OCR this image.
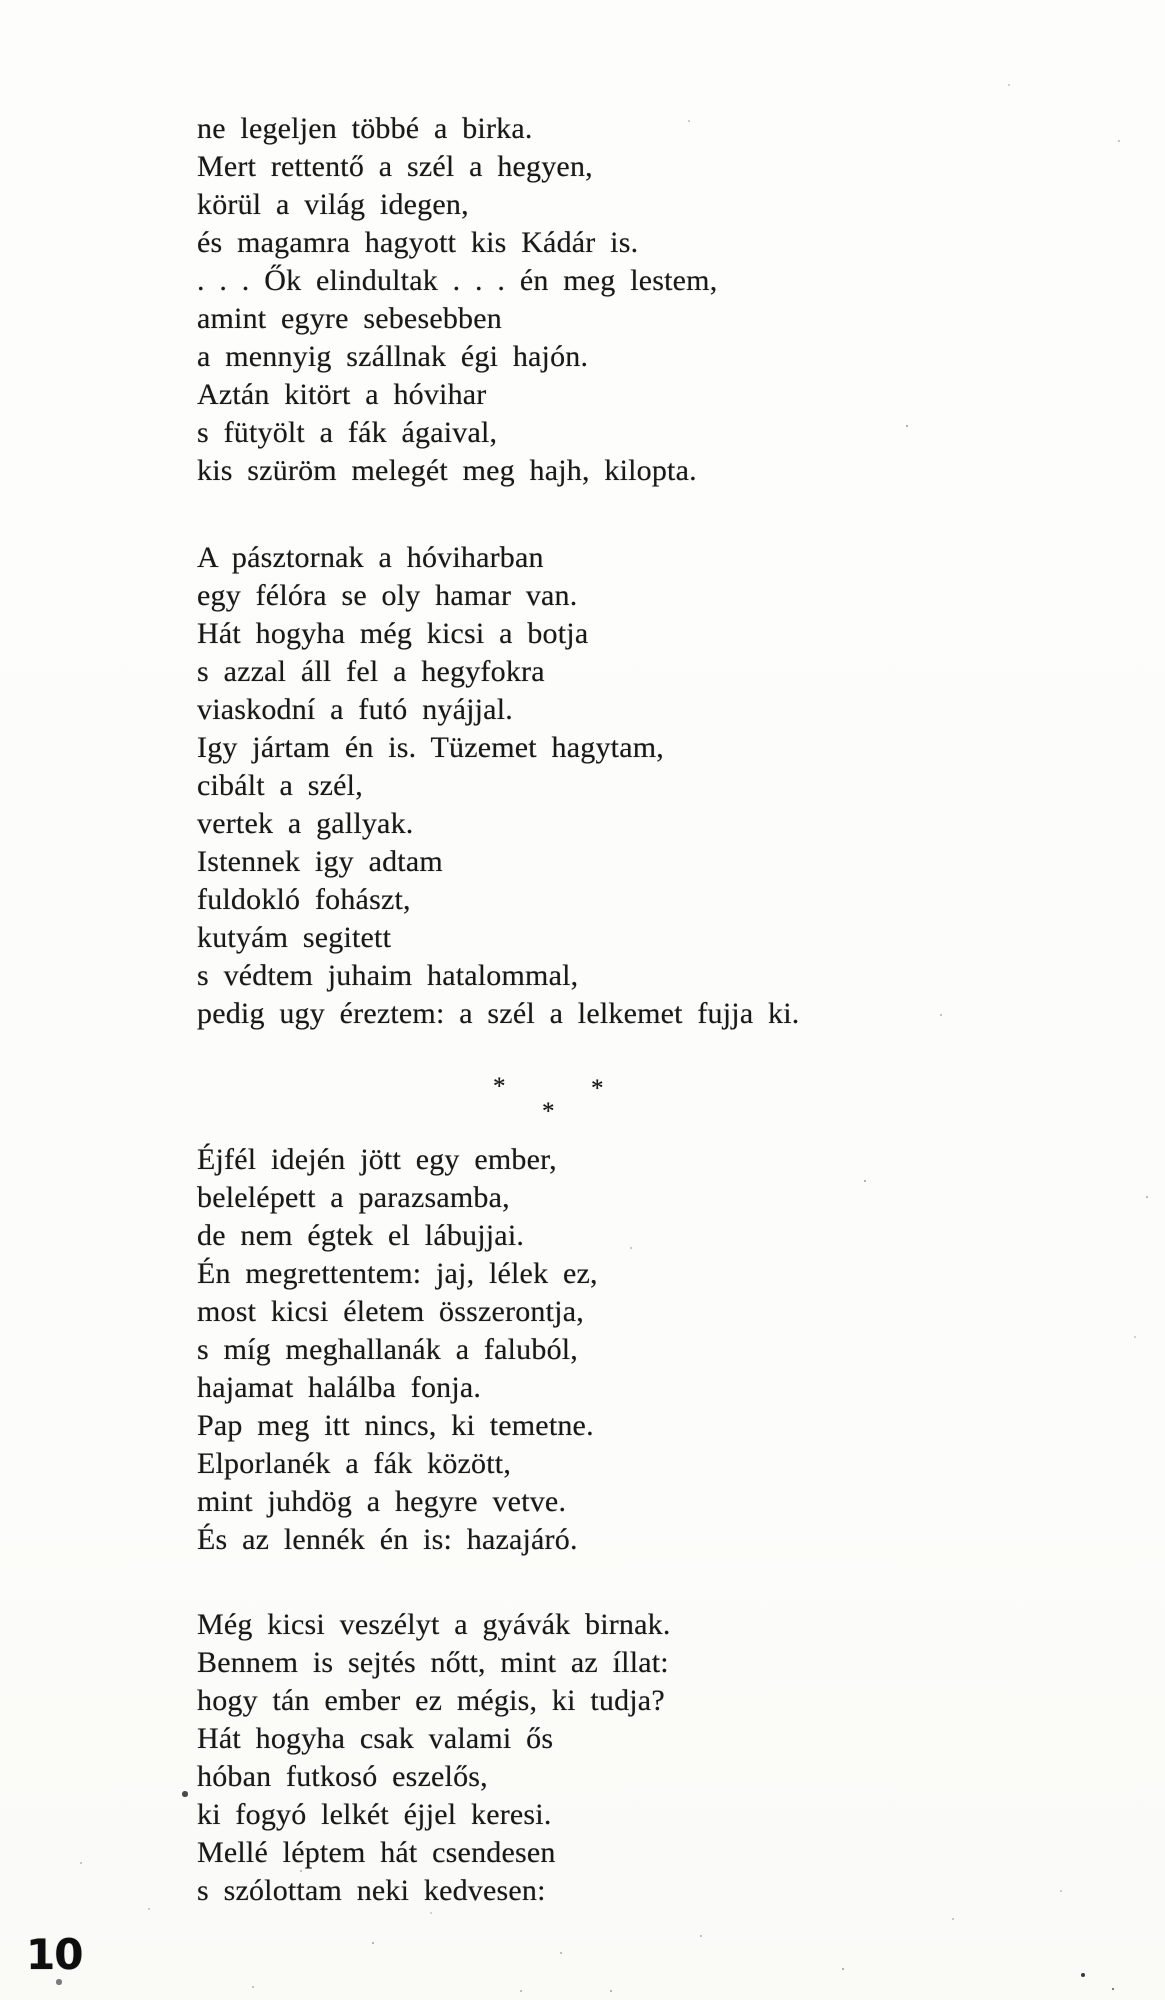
ne legeljen többé a birka.
Mert rettentő a szél a hegyen,
körül a világ idegen,
és magamra hagyott kis Kádár is.
. . . Ők elindultak . . . én meg lestem,
amint egyre sebesebben
a mennyig szállnak égi hajón.
Aztán kitört a hóvihar
s fütyölt a fák ágaival,
kis szüröm melegét meg hajh, kilopta.
A pásztornak a hóviharban
egy félóra se oly hamar van.
Hát hogyha még kicsi a botja
s azzal áll fel a hegyfokra
viaskodní a futó nyájjal.
Igy jártam én is. Tüzemet hagytam,
cibált a szél,
vertek a gallyak.
Istennek igy adtam
fuldokló fohászt,
kutyám segitett
s védtem juhaim hatalommal,
pedig ugy éreztem: a szél a lelkemet fujja ki.
*	*
*
Éjfél idején jött egy ember,
belelépett a parazsamba,
de nem égtek el lábujjai.
Én megrettentem: jaj, lélek ez,
most kicsi életem összerontja,
s míg meghallanák a faluból,
hajamat halálba fonja.
Pap meg itt nincs, ki temetne.
Elporlanék a fák között,
mint juhdög a hegyre vetve.
És az lennék én is: hazajáró.
Még kicsi veszélyt a gyávák birnak.
Bennem is sejtés nőtt, mint az íllat:
hogy tán ember ez mégis, ki tudja?
Hát hogyha csak valami ős
hóban futkosó eszelős,
ki fogyó lelkét éjjel keresi.
Mellé léptem hát csendesen
s szólottam neki kedvesen:
10
